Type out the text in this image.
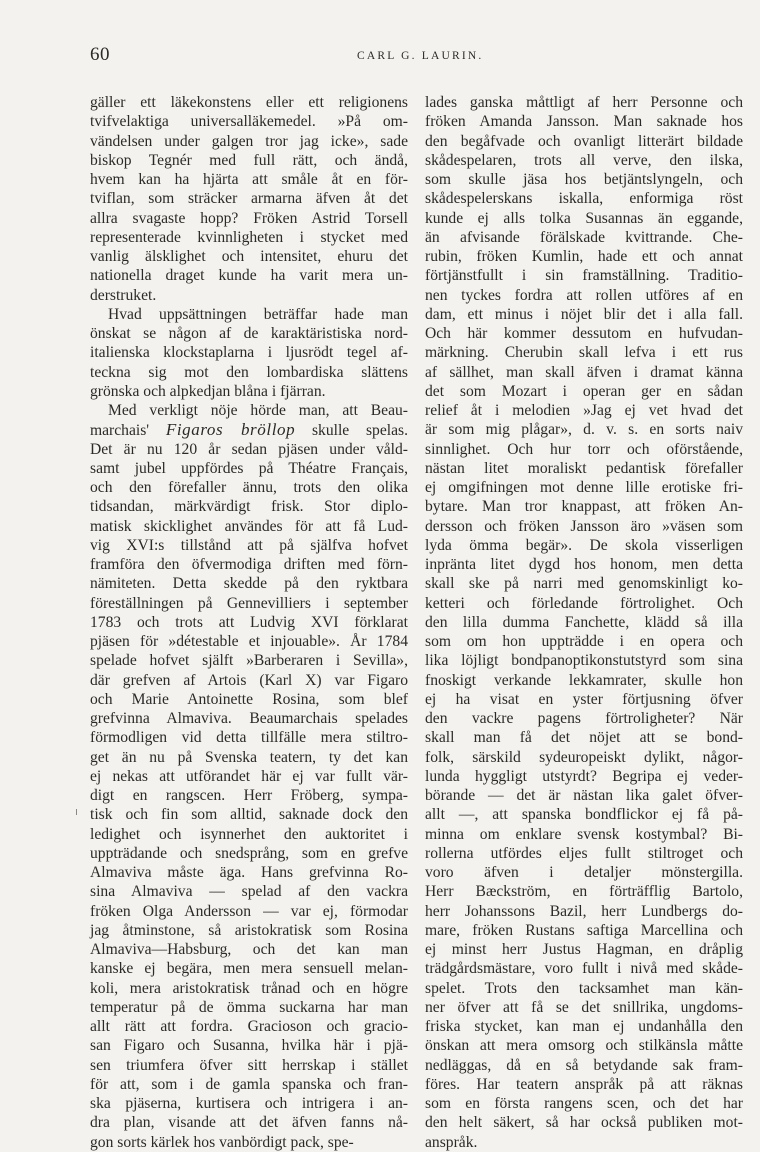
60	CARL G. LAURIN.
gäller ett läkekonstens eller ett religionens
tvifvelaktiga universalläkemedel. »På om-
vändelsen under galgen tror jag icke», sade
biskop Tegnér med full rätt, och ändå,
hvem kan ha hjärta att småle åt en för-
tviflan, som sträcker armarna äfven åt det
allra svagaste hopp? Fröken Astrid Torsell
representerade kvinnligheten i stycket med
vanlig älsklighet och intensitet, ehuru det
nationella draget kunde ha varit mera un-
derstruket.
Hvad uppsättningen beträffar hade man
önskat se någon af de karaktäristiska nord-
italienska klockstaplarna i ljusrödt tegel af-
teckna sig mot den lombardiska slättens
grönska och alpkedjan blåna i fjärran.
Med verkligt nöje hörde man, att Beau-
marchais' Figaros bröllop skulle spelas.
Det är nu 120 år sedan pjäsen under våld-
samt jubel uppfördes på Théatre Français,
och den förefaller ännu, trots den olika
tidsandan, märkvärdigt frisk. Stor diplo-
matisk skicklighet användes för att få Lud-
vig XVI:s tillstånd att på själfva hofvet
framföra den öfvermodiga driften med förn-
nämiteten. Detta skedde på den ryktbara
föreställningen på Gennevilliers i september
1783 och trots att Ludvig XVI förklarat
pjäsen för »détestable et injouable». År 1784
spelade hofvet själft »Barberaren i Sevilla»,
där grefven af Artois (Karl X) var Figaro
och Marie Antoinette Rosina, som blef
grefvinna Almaviva. Beaumarchais spelades
förmodligen vid detta tillfälle mera stiltro-
get än nu på Svenska teatern, ty det kan
ej nekas att utförandet här ej var fullt vär-
digt en rangscen. Herr Fröberg, sympa-
tisk och fin som alltid, saknade dock den
ledighet och isynnerhet den auktoritet i
uppträdande och snedsprång, som en grefve
Almaviva måste äga. Hans grefvinna Ro-
sina Almaviva — spelad af den vackra
fröken Olga Andersson — var ej, förmodar
jag åtminstone, så aristokratisk som Rosina
Almaviva—Habsburg, och det kan man
kanske ej begära, men mera sensuell melan-
koli, mera aristokratisk trånad och en högre
temperatur på de ömma suckarna har man
allt rätt att fordra. Gracioson och gracio-
san Figaro och Susanna, hvilka här i pjä-
sen triumfera öfver sitt herrskap i stället
för att, som i de gamla spanska och fran-
ska pjäserna, kurtisera och intrigera i an-
dra plan, visande att det äfven fanns nå-
gon sorts kärlek hos vanbördigt pack, spe-
lades ganska måttligt af herr Personne och
fröken Amanda Jansson. Man saknade hos
den begåfvade och ovanligt litterärt bildade
skådespelaren, trots all verve, den ilska,
som skulle jäsa hos betjäntslyngeln, och
skådespelerskans iskalla, enformiga röst
kunde ej alls tolka Susannas än eggande,
än afvisande förälskade kvittrande. Che-
rubin, fröken Kumlin, hade ett och annat
förtjänstfullt i sin framställning. Traditio-
nen tyckes fordra att rollen utföres af en
dam, ett minus i nöjet blir det i alla fall.
Och här kommer dessutom en hufvudan-
märkning. Cherubin skall lefva i ett rus
af sällhet, man skall äfven i dramat känna
det som Mozart i operan ger en sådan
relief åt i melodien »Jag ej vet hvad det
är som mig plågar», d. v. s. en sorts naiv
sinnlighet. Och hur torr och oförstående,
nästan litet moraliskt pedantisk förefaller
ej omgifningen mot denne lille erotiske fri-
bytare. Man tror knappast, att fröken An-
dersson och fröken Jansson äro »väsen som
lyda ömma begär». De skola visserligen
inpränta litet dygd hos honom, men detta
skall ske på narri med genomskinligt ko-
ketteri och förledande förtrolighet. Och
den lilla dumma Fanchette, klädd så illa
som om hon uppträdde i en opera och
lika löjligt bondpanoptikonstutstyrd som sina
fnoskigt verkande lekkamrater, skulle hon
ej ha visat en yster förtjusning öfver
den vackre pagens förtroligheter? När
skall man få det nöjet att se bond-
folk, särskild sydeuropeiskt dylikt, någor-
lunda hyggligt utstyrdt? Begripa ej veder-
börande — det är nästan lika galet öfver-
allt —, att spanska bondflickor ej få på-
minna om enklare svensk kostymbal? Bi-
rollerna utfördes eljes fullt stiltroget och
voro äfven i detaljer mönstergilla.
Herr Bæckström, en förträfflig Bartolo,
herr Johanssons Bazil, herr Lundbergs do-
mare, fröken Rustans saftiga Marcellina och
ej minst herr Justus Hagman, en dråplig
trädgårdsmästare, voro fullt i nivå med skåde-
spelet. Trots den tacksamhet man kän-
ner öfver att få se det snillrika, ungdoms-
friska stycket, kan man ej undanhålla den
önskan att mera omsorg och stilkänsla måtte
nedläggas, då en så betydande sak fram-
föres. Har teatern anspråk på att räknas
som en första rangens scen, och det har
den helt säkert, så har också publiken mot-
anspråk.
